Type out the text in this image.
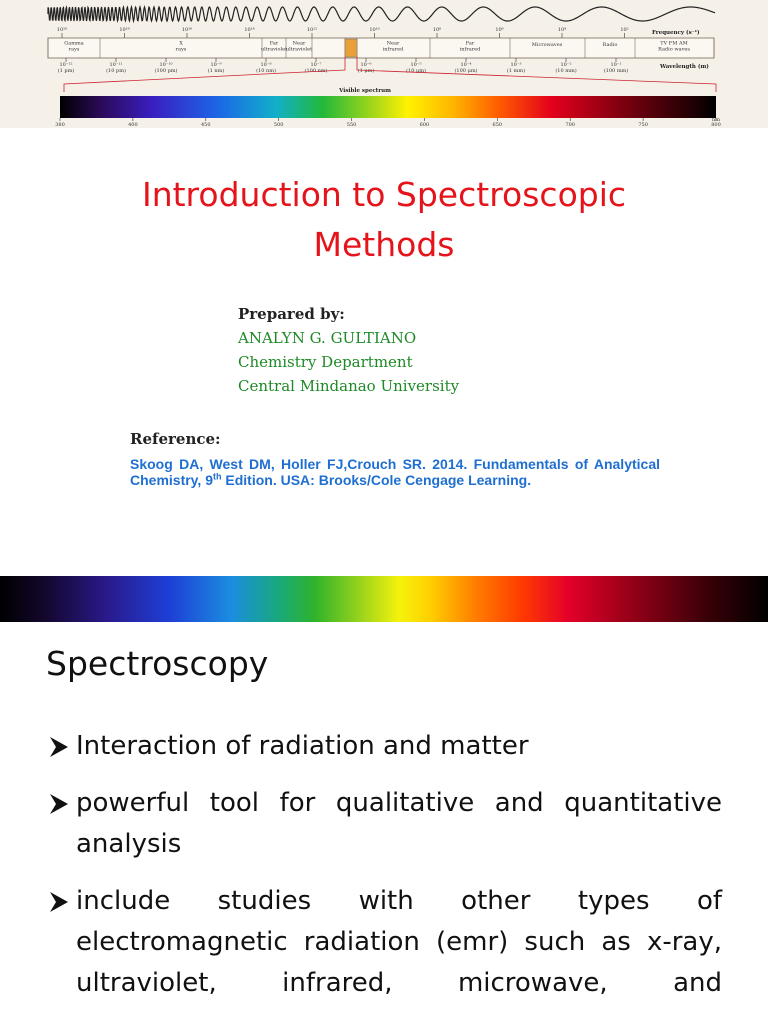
10²⁰	10¹⁸	10¹⁶	10¹⁴	10¹²	10¹⁰	10⁸	10⁶	10⁴	10²	Frequency (s⁻¹)
Gamma
rays
X
rays
Far
ultraviolet
Near
ultraviolet
Near
infrared
Far
infrared
Microwaves	Radio	TV FM AM
Radio waves
10⁻¹²
(1 pm)
10⁻¹¹
(10 pm)
10⁻¹⁰
(100 pm)
10⁻⁹
(1 nm)
10⁻⁸
(10 nm)
10⁻⁷
(100 nm)
10⁻⁶
(1 μm)
10⁻⁵
(10 μm)
10⁻⁴
(100 μm)
10⁻³
(1 mm)
10⁻²
(10 mm)
10⁻¹
(100 mm)
Wavelength (m)
Visible spectrum
380	400	450	500	550	600	650	700	750	800
nm
Introduction to Spectroscopic
Methods
Prepared by:
ANALYN G. GULTIANO
Chemistry Department
Central Mindanao University
Reference:
Skoog DA, West DM, Holler FJ,Crouch SR. 2014. Fundamentals of Analytical Chemistry, 9th Edition. USA: Brooks/Cole Cengage Learning.
Spectroscopy
Interaction of radiation and matter
powerful tool for qualitative and quantitative analysis
include studies with other types of electromagnetic radiation (emr) such as x-ray, ultraviolet, infrared, microwave, and
